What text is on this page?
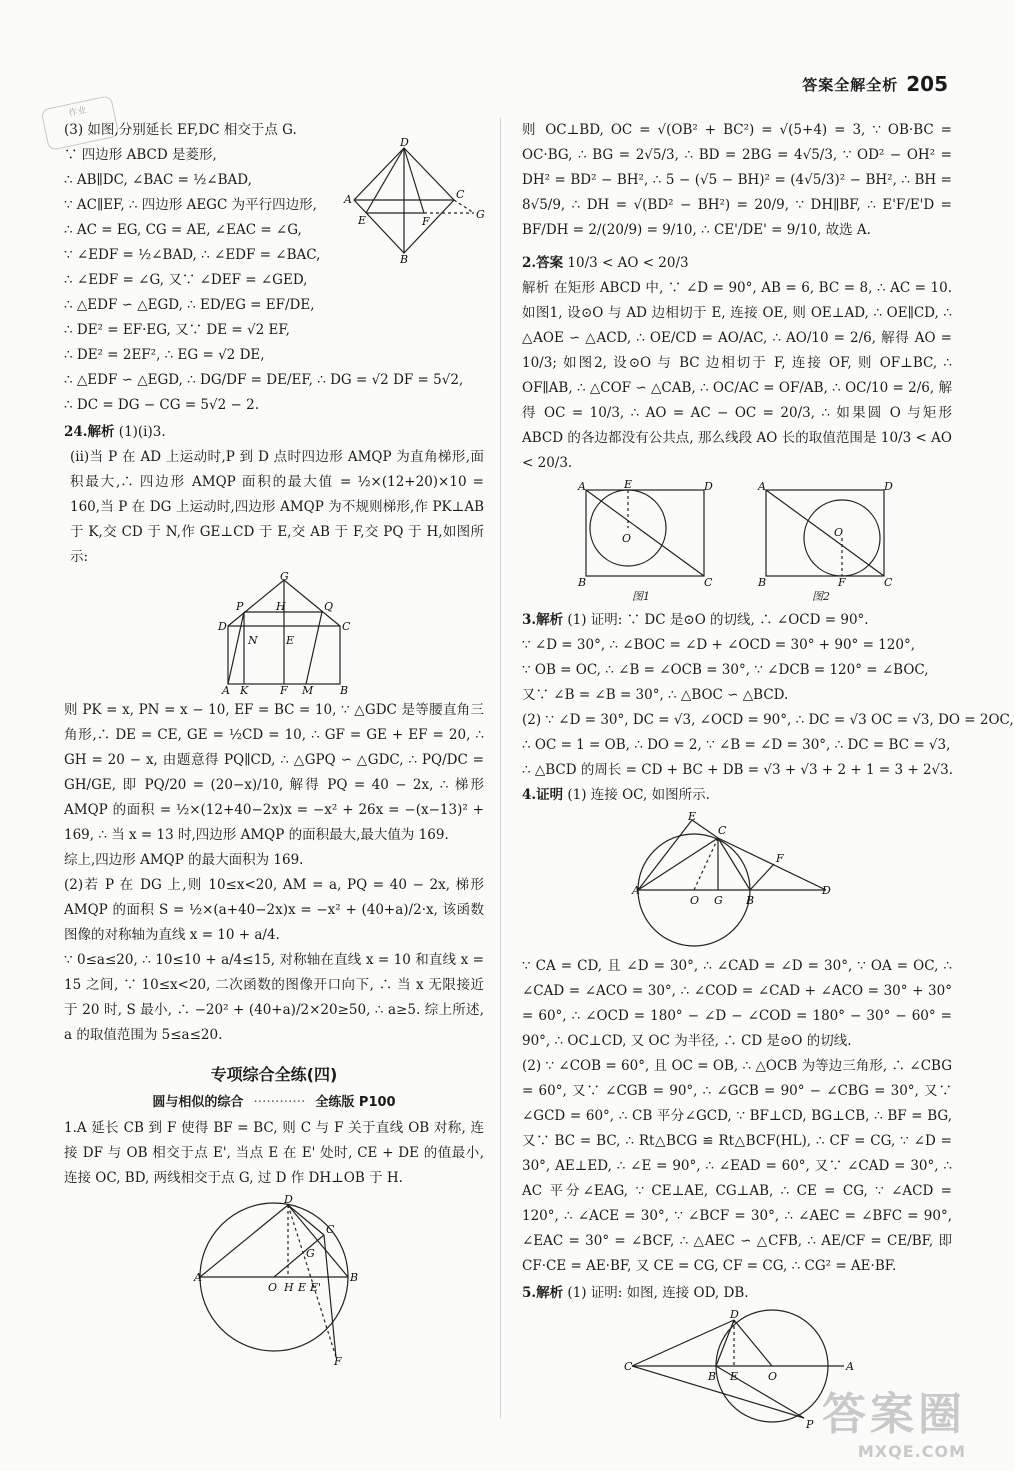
答案全解全析 205
作业
(3) 如图,分别延长 EF,DC 相交于点 G.
∵ 四边形 ABCD 是菱形,
∴ AB∥DC, ∠BAC = ½∠BAD,
∵ AC∥EF, ∴ 四边形 AEGC 为平行四边形,
∴ AC = EG, CG = AE, ∠EAC = ∠G,
∵ ∠EDF = ½∠BAD, ∴ ∠EDF = ∠BAC,
∴ ∠EDF = ∠G, 又∵ ∠DEF = ∠GED,
∴ △EDF ∽ △EGD, ∴ ED/EG = EF/DE,
∴ DE² = EF·EG, 又∵ DE = √2 EF,
∴ DE² = 2EF², ∴ EG = √2 DE,
∴ △EDF ∽ △EGD, ∴ DG/DF = DE/EF, ∴ DG = √2 DF = 5√2,
∴ DC = DG − CG = 5√2 − 2.
D
A
E	F
C
G
B
24.解析 (1)(i)3.
(ii)当 P 在 AD 上运动时,P 到 D 点时四边形 AMQP 为直角梯形,面积最大,∴ 四边形 AMQP 面积的最大值 = ½×(12+20)×10 = 160,当 P 在 DG 上运动时,四边形 AMQP 为不规则梯形,作 PK⊥AB 于 K,交 CD 于 N,作 GE⊥CD 于 E,交 AB 于 F,交 PQ 于 H,如图所示:
G
P	H	Q
D	C
N	E
A K	F M B
则 PK = x, PN = x − 10, EF = BC = 10, ∵ △GDC 是等腰直角三角形,∴ DE = CE, GE = ½CD = 10, ∴ GF = GE + EF = 20, ∴ GH = 20 − x, 由题意得 PQ∥CD, ∴ △GPQ ∽ △GDC, ∴ PQ/DC = GH/GE, 即 PQ/20 = (20−x)/10, 解得 PQ = 40 − 2x, ∴ 梯形 AMQP 的面积 = ½×(12+40−2x)x = −x² + 26x = −(x−13)² + 169, ∴ 当 x = 13 时,四边形 AMQP 的面积最大,最大值为 169.
综上,四边形 AMQP 的最大面积为 169.
(2)若 P 在 DG 上,则 10≤x<20, AM = a, PQ = 40 − 2x, 梯形 AMQP 的面积 S = ½×(a+40−2x)x = −x² + (40+a)/2·x, 该函数图像的对称轴为直线 x = 10 + a/4.
∵ 0≤a≤20, ∴ 10≤10 + a/4≤15, 对称轴在直线 x = 10 和直线 x = 15 之间, ∵ 10≤x<20, 二次函数的图像开口向下, ∴ 当 x 无限接近于 20 时, S 最小, ∴ −20² + (40+a)/2×20≥50, ∴ a≥5. 综上所述, a 的取值范围为 5≤a≤20.
专项综合全练(四)
圆与相似的综合 ………… 全练版 P100
1.A 延长 CB 到 F 使得 BF = BC, 则 C 与 F 关于直线 OB 对称, 连接 DF 与 OB 相交于点 E', 当点 E 在 E' 处时, CE + DE 的值最小, 连接 OC, BD, 两线相交于点 G, 过 D 作 DH⊥OB 于 H.
D
C
G
A
O H E E'
B
F
则 OC⊥BD, OC = √(OB² + BC²) = √(5+4) = 3, ∵ OB·BC = OC·BG, ∴ BG = 2√5/3, ∴ BD = 2BG = 4√5/3, ∵ OD² − OH² = DH² = BD² − BH², ∴ 5 − (√5 − BH)² = (4√5/3)² − BH², ∴ BH = 8√5/9, ∴ DH = √(BD² − BH²) = 20/9, ∵ DH∥BF, ∴ E'F/E'D = BF/DH = 2/(20/9) = 9/10, ∴ CE'/DE' = 9/10, 故选 A.
2.答案 10/3 < AO < 20/3
解析 在矩形 ABCD 中, ∵ ∠D = 90°, AB = 6, BC = 8, ∴ AC = 10. 如图1, 设⊙O 与 AD 边相切于 E, 连接 OE, 则 OE⊥AD, ∴ OE∥CD, ∴ △AOE ∽ △ACD, ∴ OE/CD = AO/AC, ∴ AO/10 = 2/6, 解得 AO = 10/3; 如图2, 设⊙O 与 BC 边相切于 F, 连接 OF, 则 OF⊥BC, ∴ OF∥AB, ∴ △COF ∽ △CAB, ∴ OC/AC = OF/AB, ∴ OC/10 = 2/6, 解得 OC = 10/3, ∴ AO = AC − OC = 20/3, ∴ 如果圆 O 与矩形 ABCD 的各边都没有公共点, 那么线段 AO 长的取值范围是 10/3 < AO < 20/3.
A	E	D
O
B	C
图1
A	D
O
B	F	C
图2
3.解析 (1) 证明: ∵ DC 是⊙O 的切线, ∴ ∠OCD = 90°.
∵ ∠D = 30°, ∴ ∠BOC = ∠D + ∠OCD = 30° + 90° = 120°,
∵ OB = OC, ∴ ∠B = ∠OCB = 30°, ∵ ∠DCB = 120° = ∠BOC,
又∵ ∠B = ∠B = 30°, ∴ △BOC ∽ △BCD.
(2) ∵ ∠D = 30°, DC = √3, ∠OCD = 90°, ∴ DC = √3 OC = √3, DO = 2OC,
∴ OC = 1 = OB, ∴ DO = 2, ∵ ∠B = ∠D = 30°, ∴ DC = BC = √3,
∴ △BCD 的周长 = CD + BC + DB = √3 + √3 + 2 + 1 = 3 + 2√3.
4.证明 (1) 连接 OC, 如图所示.
E
C
F
A
O G B
D
∵ CA = CD, 且 ∠D = 30°, ∴ ∠CAD = ∠D = 30°, ∵ OA = OC, ∴ ∠CAD = ∠ACO = 30°, ∴ ∠COD = ∠CAD + ∠ACO = 30° + 30° = 60°, ∴ ∠OCD = 180° − ∠D − ∠COD = 180° − 30° − 60° = 90°, ∴ OC⊥CD, 又 OC 为半径, ∴ CD 是⊙O 的切线.
(2) ∵ ∠COB = 60°, 且 OC = OB, ∴ △OCB 为等边三角形, ∴ ∠CBG = 60°, 又∵ ∠CGB = 90°, ∴ ∠GCB = 90° − ∠CBG = 30°, 又∵ ∠GCD = 60°, ∴ CB 平分∠GCD, ∵ BF⊥CD, BG⊥CB, ∴ BF = BG, 又∵ BC = BC, ∴ Rt△BCG ≌ Rt△BCF(HL), ∴ CF = CG, ∵ ∠D = 30°, AE⊥ED, ∴ ∠E = 90°, ∴ ∠EAD = 60°, 又∵ ∠CAD = 30°, ∴ AC 平分∠EAG, ∵ CE⊥AE, CG⊥AB, ∴ CE = CG, ∵ ∠ACD = 120°, ∴ ∠ACE = 30°, ∵ ∠BCF = 30°, ∴ ∠AEC = ∠BFC = 90°, ∠EAC = 30° = ∠BCF, ∴ △AEC ∽ △CFB, ∴ AE/CF = CE/BF, 即 CF·CE = AE·BF, 又 CE = CG, CF = CG, ∴ CG² = AE·BF.
5.解析 (1) 证明: 如图, 连接 OD, DB.
D
C
B E	O
A
P 答案圈
MXQE.COM
